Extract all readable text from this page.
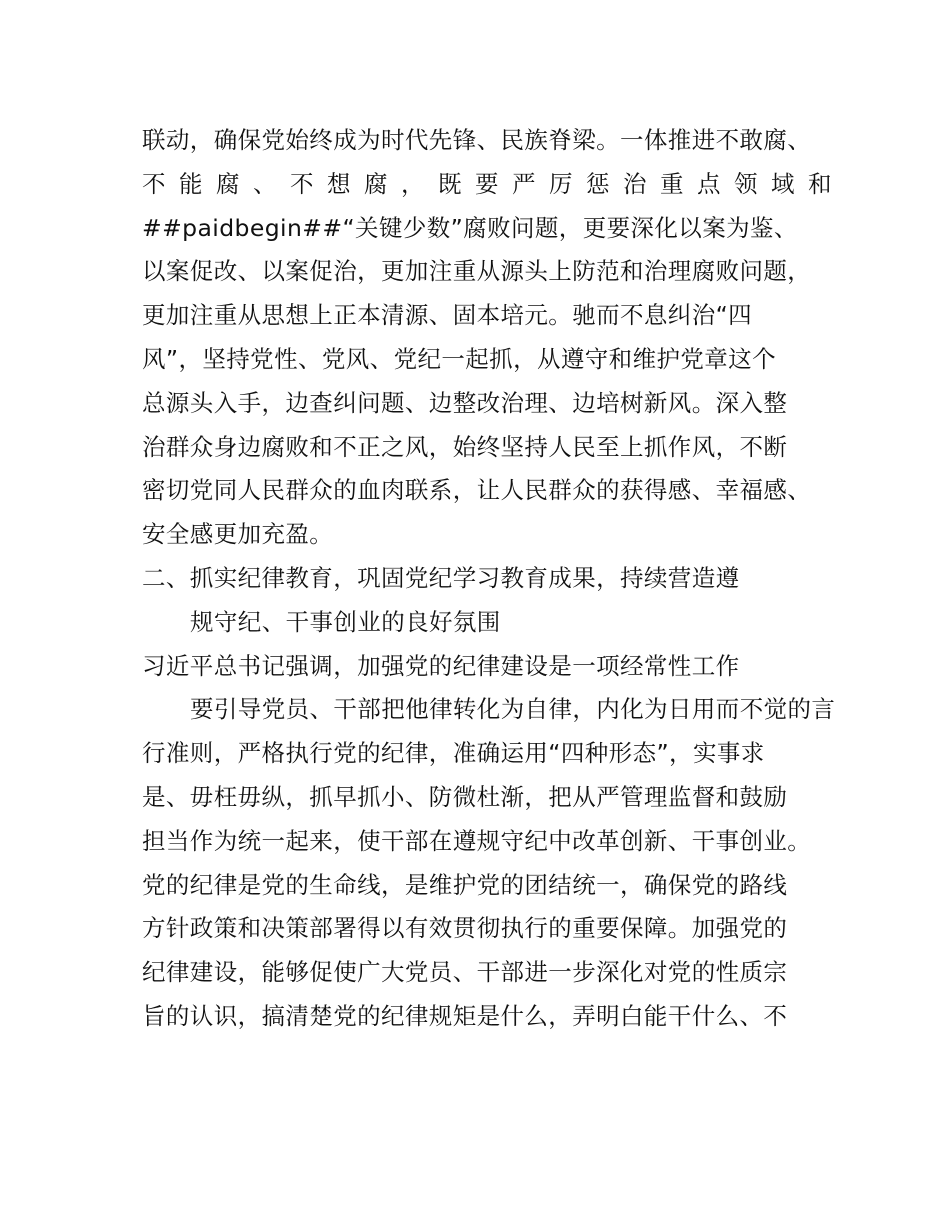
联动，确保党始终成为时代先锋、民族脊梁。一体推进不敢腐、
不 能 腐 、 不 想 腐 ， 既 要 严 厉 惩 治 重 点 领 域 和
##paidbegin##“关键少数”腐败问题，更要深化以案为鉴、
以案促改、以案促治，更加注重从源头上防范和治理腐败问题，
更加注重从思想上正本清源、固本培元。驰而不息纠治“四
风”，坚持党性、党风、党纪一起抓，从遵守和维护党章这个
总源头入手，边查纠问题、边整改治理、边培树新风。深入整
治群众身边腐败和不正之风，始终坚持人民至上抓作风，不断
密切党同人民群众的血肉联系，让人民群众的获得感、幸福感、
安全感更加充盈。
二、抓实纪律教育，巩固党纪学习教育成果，持续营造遵
规守纪、干事创业的良好氛围
习近平总书记强调，加强党的纪律建设是一项经常性工作
要引导党员、干部把他律转化为自律，内化为日用而不觉的言
行准则，严格执行党的纪律，准确运用“四种形态”，实事求
是、毋枉毋纵，抓早抓小、防微杜渐，把从严管理监督和鼓励
担当作为统一起来，使干部在遵规守纪中改革创新、干事创业。
党的纪律是党的生命线，是维护党的团结统一，确保党的路线
方针政策和决策部署得以有效贯彻执行的重要保障。加强党的
纪律建设，能够促使广大党员、干部进一步深化对党的性质宗
旨的认识，搞清楚党的纪律规矩是什么，弄明白能干什么、不
